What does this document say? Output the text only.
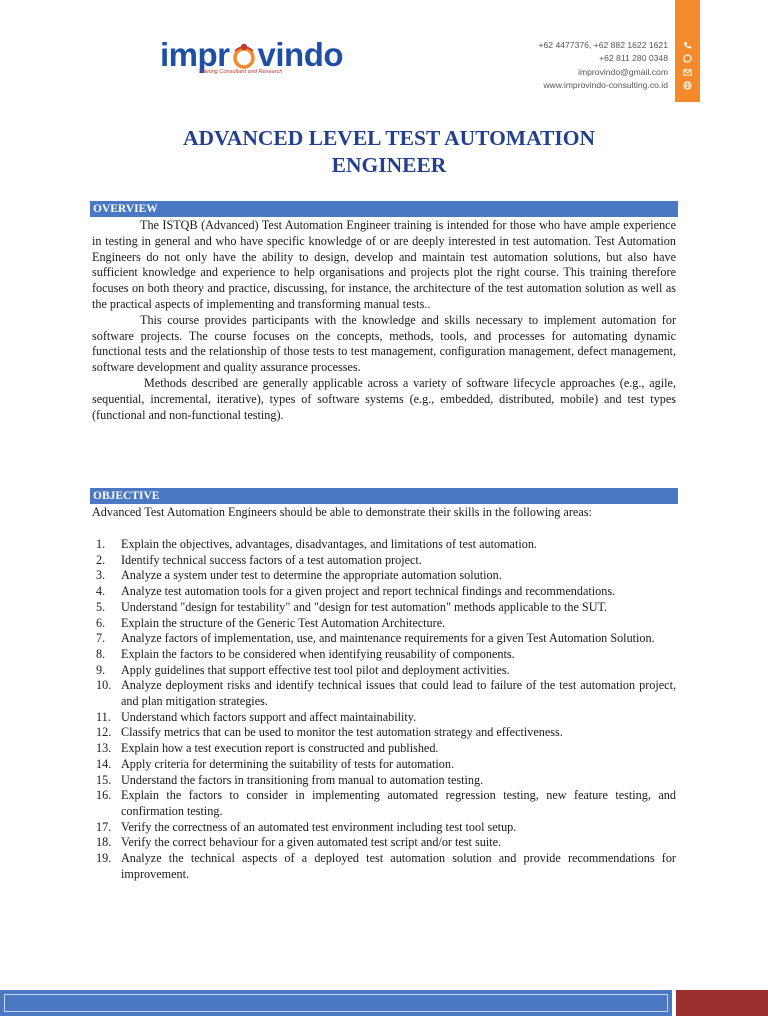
impr vindo
Training Consultant and Research
+62 4477376, +62 882 1622 1621
+62 811 280 0348
improvindo@gmail.com
www.improvindo-consulting.co.id
ADVANCED LEVEL TEST AUTOMATION
ENGINEER
OVERVIEW

The ISTQB (Advanced) Test Automation Engineer training is intended for those who have ample experience in testing in general and who have specific knowledge of or are deeply interested in test automation. Test Automation Engineers do not only have the ability to design, develop and maintain test automation solutions, but also have sufficient knowledge and experience to help organisations and projects plot the right course. This training therefore focuses on both theory and practice, discussing, for instance, the architecture of the test automation solution as well as the practical aspects of implementing and transforming manual tests..

This course provides participants with the knowledge and skills necessary to implement automation for software projects. The course focuses on the concepts, methods, tools, and processes for automating dynamic functional tests and the relationship of those tests to test management, configuration management, defect management, software development and quality assurance processes.

Methods described are generally applicable across a variety of software lifecycle approaches (e.g., agile, sequential, incremental, iterative), types of software systems (e.g., embedded, distributed, mobile) and test types (functional and non-functional testing).

OBJECTIVE
Advanced Test Automation Engineers should be able to demonstrate their skills in the following areas:
1. Explain the objectives, advantages, disadvantages, and limitations of test automation.
2. Identify technical success factors of a test automation project.
3. Analyze a system under test to determine the appropriate automation solution.
4. Analyze test automation tools for a given project and report technical findings and recommendations.
5. Understand "design for testability" and "design for test automation" methods applicable to the SUT.
6. Explain the structure of the Generic Test Automation Architecture.
7. Analyze factors of implementation, use, and maintenance requirements for a given Test Automation Solution.
8. Explain the factors to be considered when identifying reusability of components.
9. Apply guidelines that support effective test tool pilot and deployment activities.
10. Analyze deployment risks and identify technical issues that could lead to failure of the test automation project, and plan mitigation strategies.
11. Understand which factors support and affect maintainability.
12. Classify metrics that can be used to monitor the test automation strategy and effectiveness.
13. Explain how a test execution report is constructed and published.
14. Apply criteria for determining the suitability of tests for automation.
15. Understand the factors in transitioning from manual to automation testing.
16. Explain the factors to consider in implementing automated regression testing, new feature testing, and confirmation testing.
17. Verify the correctness of an automated test environment including test tool setup.
18. Verify the correct behaviour for a given automated test script and/or test suite.
19. Analyze the technical aspects of a deployed test automation solution and provide recommendations for improvement.
